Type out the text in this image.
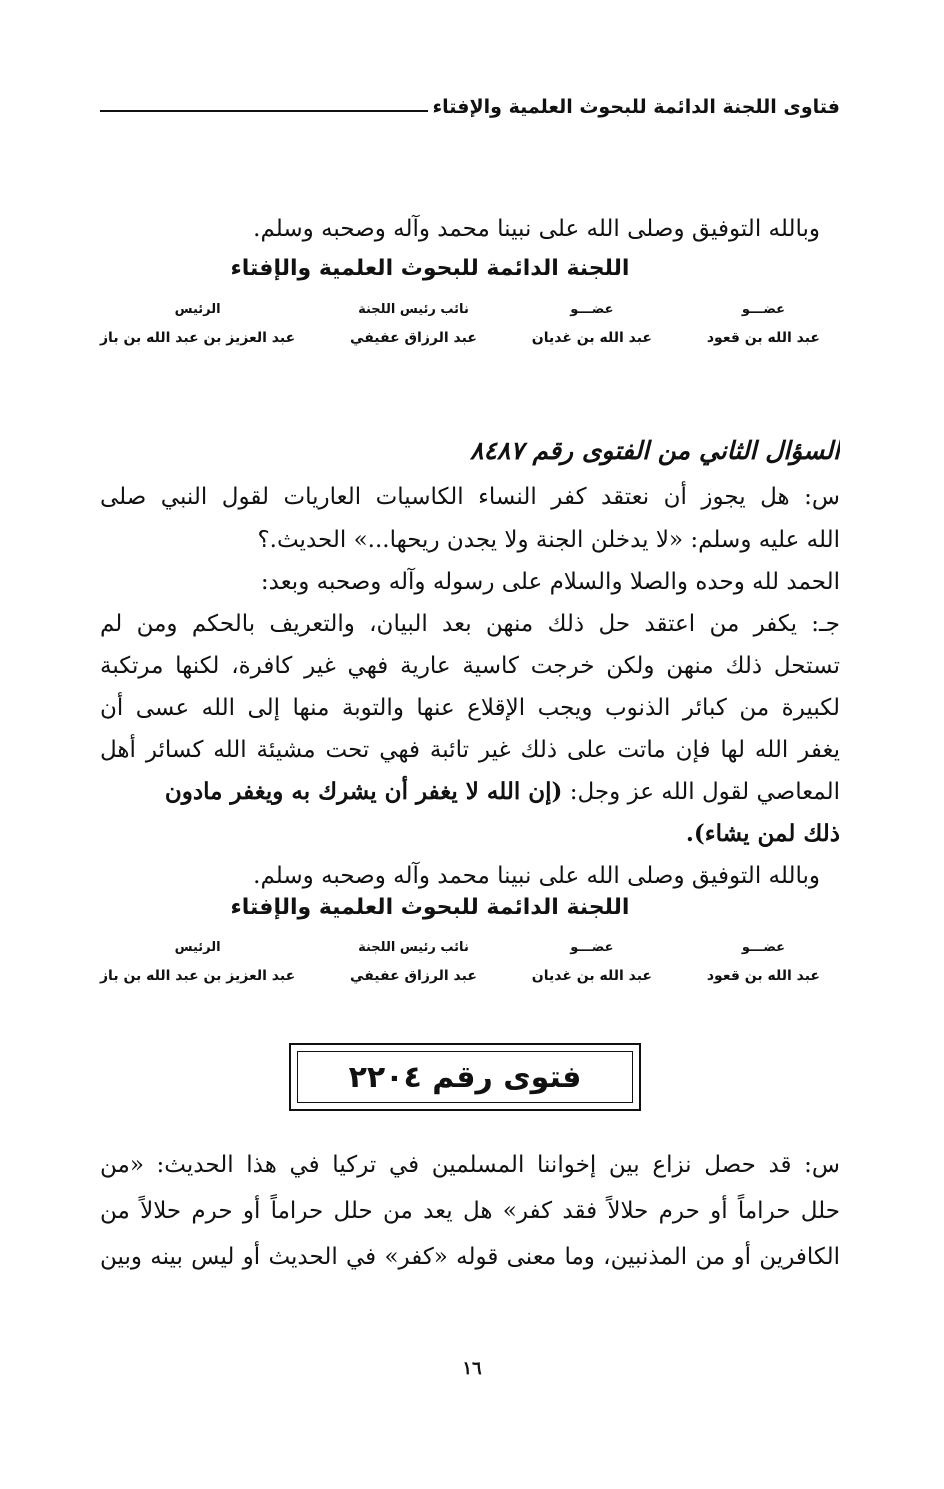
فتاوى اللجنة الدائمة للبحوث العلمية والإفتاء
وبالله التوفيق وصلى الله على نبينا محمد وآله وصحبه وسلم.
اللجنة الدائمة للبحوث العلمية والإفتاء
عضـــو
عبد الله بن قعود
عضـــو
عبد الله بن غديان
نائب رئيس اللجنة
عبد الرزاق عفيفي
الرئيس
عبد العزيز بن عبد الله بن باز
السؤال الثاني من الفتوى رقم ٨٤٨٧
س: هل يجوز أن نعتقد كفر النساء الكاسيات العاريات لقول النبي صلى
الله عليه وسلم: «لا يدخلن الجنة ولا يجدن ريحها...» الحديث.؟
الحمد لله وحده والصلا والسلام على رسوله وآله وصحبه وبعد:
جـ: يكفر من اعتقد حل ذلك منهن بعد البيان، والتعريف بالحكم ومن لم
تستحل ذلك منهن ولكن خرجت كاسية عارية فهي غير كافرة، لكنها مرتكبة
لكبيرة من كبائر الذنوب ويجب الإقلاع عنها والتوبة منها إلى الله عسى أن
يغفر الله لها فإن ماتت على ذلك غير تائبة فهي تحت مشيئة الله كسائر أهل
المعاصي لقول الله عز وجل: (إن الله لا يغفر أن يشرك به ويغفر مادون
ذلك لمن يشاء).
وبالله التوفيق وصلى الله على نبينا محمد وآله وصحبه وسلم.
اللجنة الدائمة للبحوث العلمية والإفتاء
عضـــو
عبد الله بن قعود
عضـــو
عبد الله بن غديان
نائب رئيس اللجنة
عبد الرزاق عفيفي
الرئيس
عبد العزيز بن عبد الله بن باز
فتوى رقم ٢٢٠٤
س: قد حصل نزاع بين إخواننا المسلمين في تركيا في هذا الحديث: «من
حلل حراماً أو حرم حلالاً فقد كفر» هل يعد من حلل حراماً أو حرم حلالاً من
الكافرين أو من المذنبين، وما معنى قوله «كفر» في الحديث أو ليس بينه وبين
١٦
